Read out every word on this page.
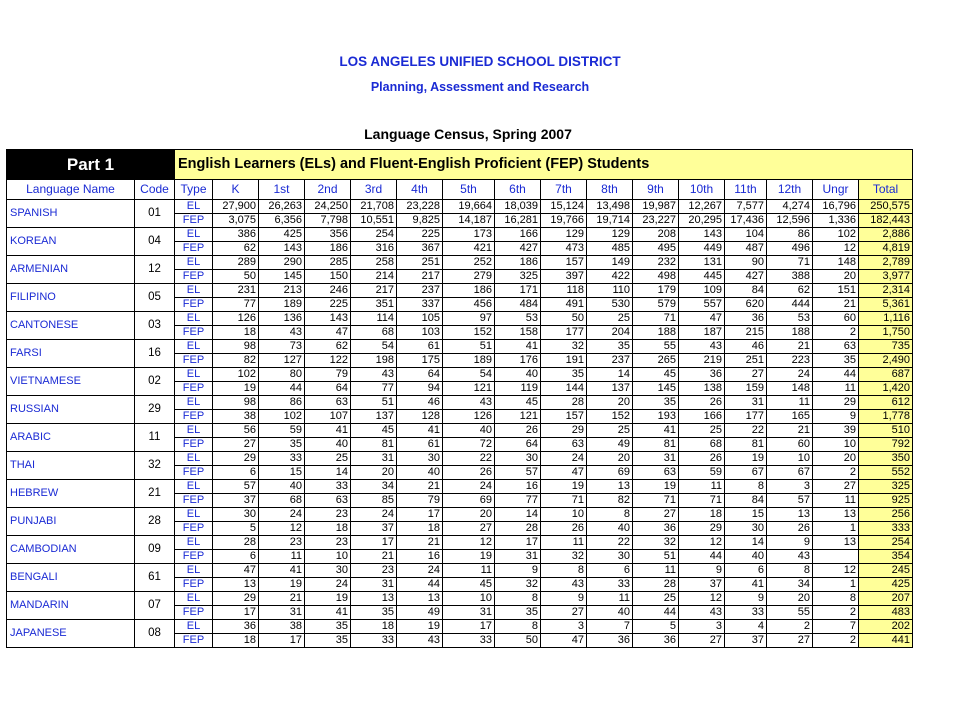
LOS ANGELES UNIFIED SCHOOL DISTRICT
Planning, Assessment and Research
Language Census, Spring 2007
Part 1		English Learners (ELs) and Fluent-English Proficient (FEP) Students															
Language Name	Code	Type	K	1st	2nd	3rd	4th	5th	6th	7th	8th	9th	10th	11th	12th	Ungr	Total
SPANISH	01	EL	27,900	26,263	24,250	21,708	23,228	19,664	18,039	15,124	13,498	19,987	12,267	7,577	4,274	16,796	250,575
		FEP	3,075	6,356	7,798	10,551	9,825	14,187	16,281	19,766	19,714	23,227	20,295	17,436	12,596	1,336	182,443
KOREAN	04	EL	386	425	356	254	225	173	166	129	129	208	143	104	86	102	2,886
		FEP	62	143	186	316	367	421	427	473	485	495	449	487	496	12	4,819
ARMENIAN	12	EL	289	290	285	258	251	252	186	157	149	232	131	90	71	148	2,789
		FEP	50	145	150	214	217	279	325	397	422	498	445	427	388	20	3,977
FILIPINO	05	EL	231	213	246	217	237	186	171	118	110	179	109	84	62	151	2,314
		FEP	77	189	225	351	337	456	484	491	530	579	557	620	444	21	5,361
CANTONESE	03	EL	126	136	143	114	105	97	53	50	25	71	47	36	53	60	1,116
		FEP	18	43	47	68	103	152	158	177	204	188	187	215	188	2	1,750
FARSI	16	EL	98	73	62	54	61	51	41	32	35	55	43	46	21	63	735
		FEP	82	127	122	198	175	189	176	191	237	265	219	251	223	35	2,490
VIETNAMESE	02	EL	102	80	79	43	64	54	40	35	14	45	36	27	24	44	687
		FEP	19	44	64	77	94	121	119	144	137	145	138	159	148	11	1,420
RUSSIAN	29	EL	98	86	63	51	46	43	45	28	20	35	26	31	11	29	612
		FEP	38	102	107	137	128	126	121	157	152	193	166	177	165	9	1,778
ARABIC	11	EL	56	59	41	45	41	40	26	29	25	41	25	22	21	39	510
		FEP	27	35	40	81	61	72	64	63	49	81	68	81	60	10	792
THAI	32	EL	29	33	25	31	30	22	30	24	20	31	26	19	10	20	350
		FEP	6	15	14	20	40	26	57	47	69	63	59	67	67	2	552
HEBREW	21	EL	57	40	33	34	21	24	16	19	13	19	11	8	3	27	325
		FEP	37	68	63	85	79	69	77	71	82	71	71	84	57	11	925
PUNJABI	28	EL	30	24	23	24	17	20	14	10	8	27	18	15	13	13	256
		FEP	5	12	18	37	18	27	28	26	40	36	29	30	26	1	333
CAMBODIAN	09	EL	28	23	23	17	21	12	17	11	22	32	12	14	9	13	254
		FEP	6	11	10	21	16	19	31	32	30	51	44	40	43		354
BENGALI	61	EL	47	41	30	23	24	11	9	8	6	11	9	6	8	12	245
		FEP	13	19	24	31	44	45	32	43	33	28	37	41	34	1	425
MANDARIN	07	EL	29	21	19	13	13	10	8	9	11	25	12	9	20	8	207
		FEP	17	31	41	35	49	31	35	27	40	44	43	33	55	2	483
JAPANESE	08	EL	36	38	35	18	19	17	8	3	7	5	3	4	2	7	202
		FEP	18	17	35	33	43	33	50	47	36	36	27	37	27	2	441
